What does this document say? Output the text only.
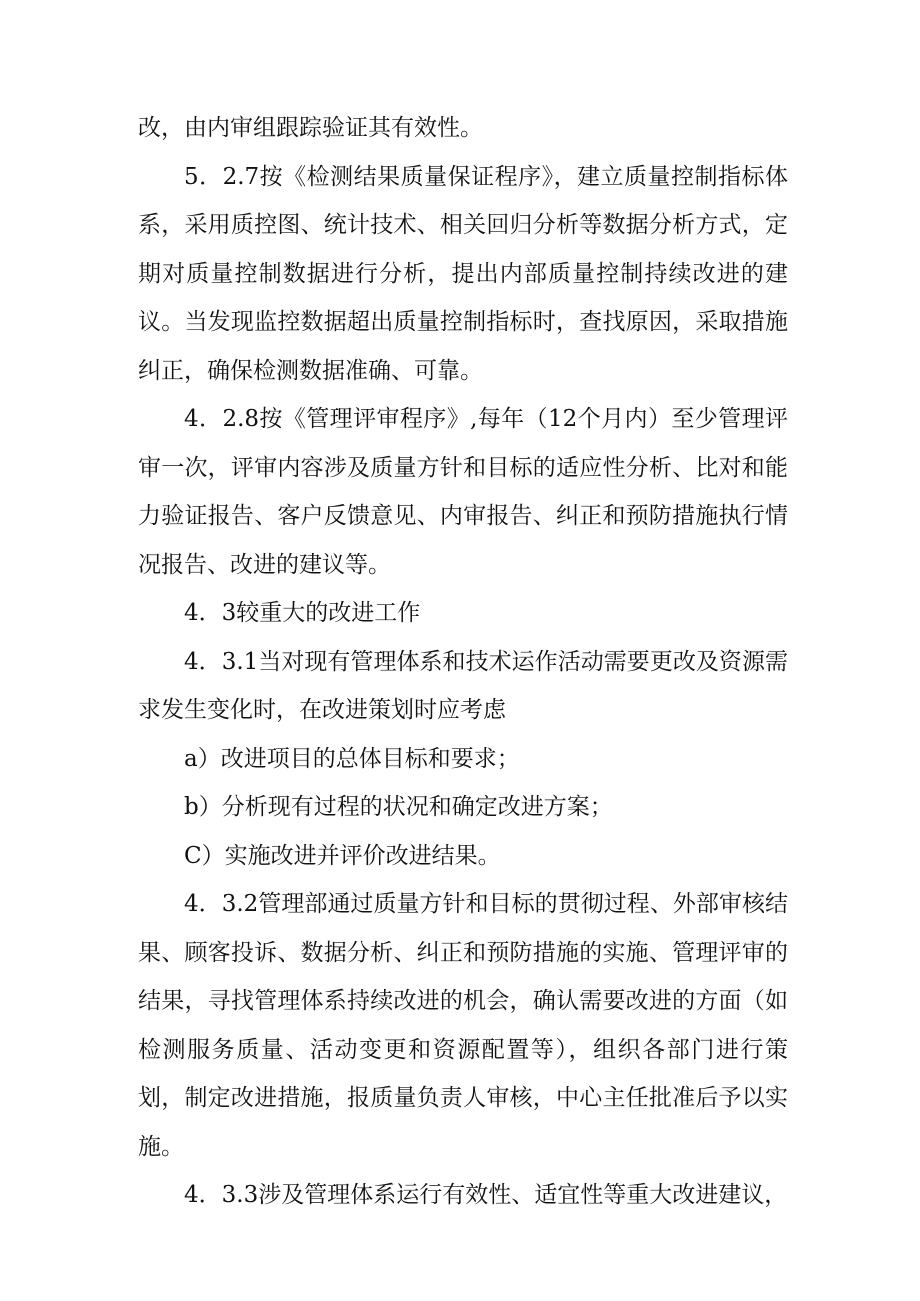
改，由内审组跟踪验证其有效性。

5．2.7按《检测结果质量保证程序》，建立质量控制指标体系，采用质控图、统计技术、相关回归分析等数据分析方式，定期对质量控制数据进行分析，提出内部质量控制持续改进的建议。当发现监控数据超出质量控制指标时，查找原因，采取措施纠正，确保检测数据准确、可靠。

4．2.8按《管理评审程序》,每年（12个月内）至少管理评审一次，评审内容涉及质量方针和目标的适应性分析、比对和能力验证报告、客户反馈意见、内审报告、纠正和预防措施执行情况报告、改进的建议等。

4．3较重大的改进工作

4．3.1当对现有管理体系和技术运作活动需要更改及资源需求发生变化时，在改进策划时应考虑

a）改进项目的总体目标和要求；

b）分析现有过程的状况和确定改进方案；

C）实施改进并评价改进结果。

4．3.2管理部通过质量方针和目标的贯彻过程、外部审核结果、顾客投诉、数据分析、纠正和预防措施的实施、管理评审的结果，寻找管理体系持续改进的机会，确认需要改进的方面（如检测服务质量、活动变更和资源配置等），组织各部门进行策划，制定改进措施，报质量负责人审核，中心主任批准后予以实施。

4．3.3涉及管理体系运行有效性、适宜性等重大改进建议，
